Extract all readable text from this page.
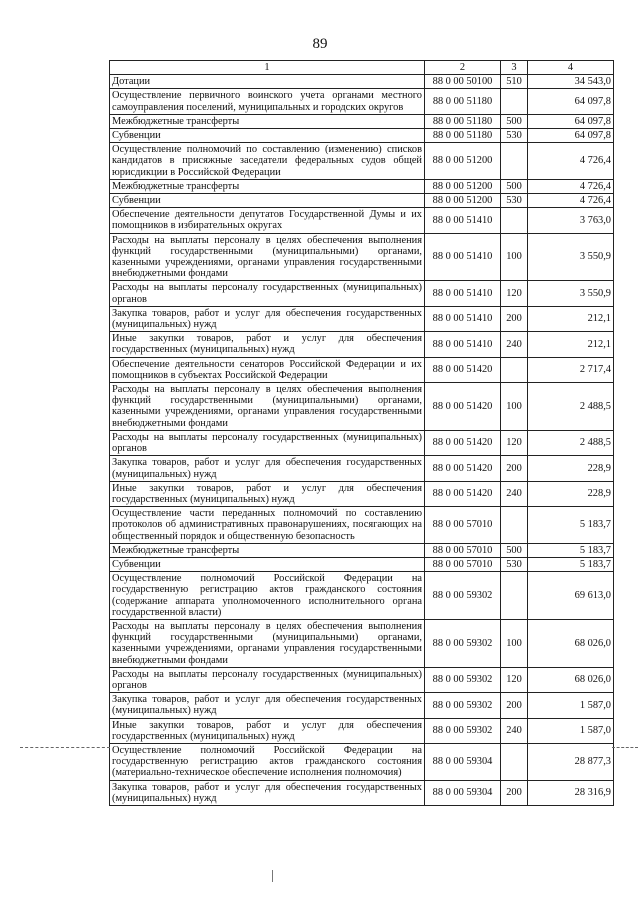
89
1	2	3	4
Дотации	88 0 00 50100	510	34 543,0
Осуществление первичного воинского учета органами местного самоуправления поселений, муниципальных и городских округов	88 0 00 51180		64 097,8
Межбюджетные трансферты	88 0 00 51180	500	64 097,8
Субвенции	88 0 00 51180	530	64 097,8
Осуществление полномочий по составлению (изменению) списков кандидатов в присяжные заседатели федеральных судов общей юрисдикции в Российской Федерации	88 0 00 51200		4 726,4
Межбюджетные трансферты	88 0 00 51200	500	4 726,4
Субвенции	88 0 00 51200	530	4 726,4
Обеспечение деятельности депутатов Государственной Думы и их помощников в избирательных округах	88 0 00 51410		3 763,0
Расходы на выплаты персоналу в целях обеспечения выполнения функций государственными (муниципальными) органами, казенными учреждениями, органами управления государственными внебюджетными фондами	88 0 00 51410	100	3 550,9
Расходы на выплаты персоналу государственных (муниципальных) органов	88 0 00 51410	120	3 550,9
Закупка товаров, работ и услуг для обеспечения государственных (муниципальных) нужд	88 0 00 51410	200	212,1
Иные закупки товаров, работ и услуг для обеспечения государственных (муниципальных) нужд	88 0 00 51410	240	212,1
Обеспечение деятельности сенаторов Российской Федерации и их помощников в субъектах Российской Федерации	88 0 00 51420		2 717,4
Расходы на выплаты персоналу в целях обеспечения выполнения функций государственными (муниципальными) органами, казенными учреждениями, органами управления государственными внебюджетными фондами	88 0 00 51420	100	2 488,5
Расходы на выплаты персоналу государственных (муниципальных) органов	88 0 00 51420	120	2 488,5
Закупка товаров, работ и услуг для обеспечения государственных (муниципальных) нужд	88 0 00 51420	200	228,9
Иные закупки товаров, работ и услуг для обеспечения государственных (муниципальных) нужд	88 0 00 51420	240	228,9
Осуществление части переданных полномочий по составлению протоколов об административных правонарушениях, посягающих на общественный порядок и общественную безопасность	88 0 00 57010		5 183,7
Межбюджетные трансферты	88 0 00 57010	500	5 183,7
Субвенции	88 0 00 57010	530	5 183,7
Осуществление полномочий Российской Федерации на государственную регистрацию актов гражданского состояния (содержание аппарата уполномоченного исполнительного органа государственной власти)	88 0 00 59302		69 613,0
Расходы на выплаты персоналу в целях обеспечения выполнения функций государственными (муниципальными) органами, казенными учреждениями, органами управления государственными внебюджетными фондами	88 0 00 59302	100	68 026,0
Расходы на выплаты персоналу государственных (муниципальных) органов	88 0 00 59302	120	68 026,0
Закупка товаров, работ и услуг для обеспечения государственных (муниципальных) нужд	88 0 00 59302	200	1 587,0
Иные закупки товаров, работ и услуг для обеспечения государственных (муниципальных) нужд	88 0 00 59302	240	1 587,0
Осуществление полномочий Российской Федерации на государственную регистрацию актов гражданского состояния (материально-техническое обеспечение исполнения полномочия)	88 0 00 59304		28 877,3
Закупка товаров, работ и услуг для обеспечения государственных (муниципальных) нужд	88 0 00 59304	200	28 316,9
